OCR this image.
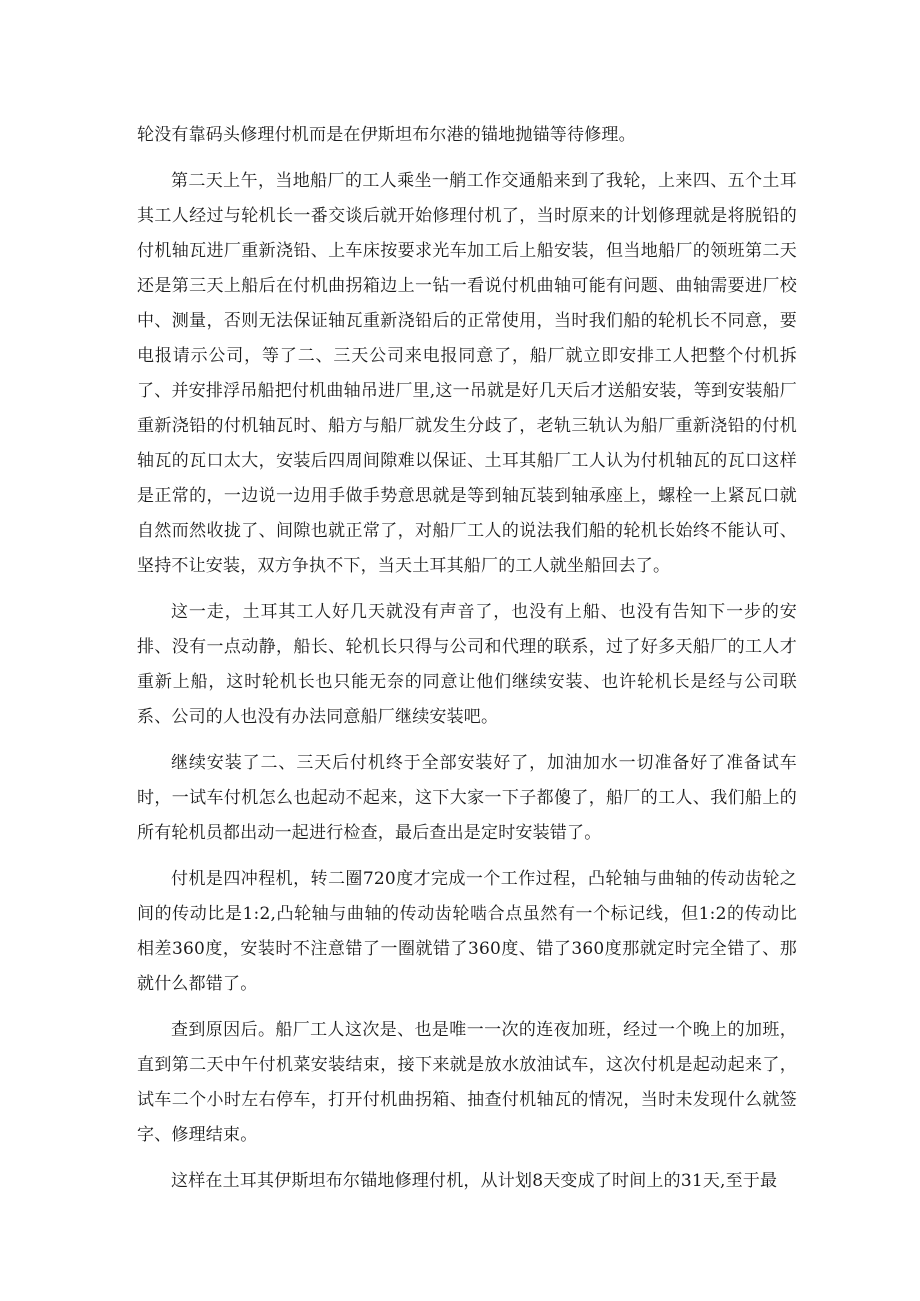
轮没有靠码头修理付机而是在伊斯坦布尔港的锚地抛锚等待修理。

第二天上午，当地船厂的工人乘坐一艄工作交通船来到了我轮，上来四、五个土耳其工人经过与轮机长一番交谈后就开始修理付机了，当时原来的计划修理就是将脱铅的付机轴瓦进厂重新浇铅、上车床按要求光车加工后上船安装，但当地船厂的领班第二天还是第三天上船后在付机曲拐箱边上一钻一看说付机曲轴可能有问题、曲轴需要进厂校中、测量，否则无法保证轴瓦重新浇铅后的正常使用，当时我们船的轮机长不同意，要电报请示公司，等了二、三天公司来电报同意了，船厂就立即安排工人把整个付机拆了、并安排浮吊船把付机曲轴吊进厂里,这一吊就是好几天后才送船安装，等到安装船厂重新浇铅的付机轴瓦时、船方与船厂就发生分歧了，老轨三轨认为船厂重新浇铅的付机轴瓦的瓦口太大，安装后四周间隙难以保证、土耳其船厂工人认为付机轴瓦的瓦口这样是正常的，一边说一边用手做手势意思就是等到轴瓦装到轴承座上，螺栓一上紧瓦口就自然而然收拢了、间隙也就正常了，对船厂工人的说法我们船的轮机长始终不能认可、坚持不让安装，双方争执不下，当天土耳其船厂的工人就坐船回去了。

这一走，土耳其工人好几天就没有声音了，也没有上船、也没有告知下一步的安排、没有一点动静，船长、轮机长只得与公司和代理的联系，过了好多天船厂的工人才重新上船，这时轮机长也只能无奈的同意让他们继续安装、也许轮机长是经与公司联系、公司的人也没有办法同意船厂继续安装吧。

继续安装了二、三天后付机终于全部安装好了，加油加水一切准备好了准备试车时，一试车付机怎么也起动不起来，这下大家一下子都傻了，船厂的工人、我们船上的所有轮机员都出动一起进行检查，最后查出是定时安装错了。

付机是四冲程机，转二圈720度才完成一个工作过程，凸轮轴与曲轴的传动齿轮之间的传动比是1:2,凸轮轴与曲轴的传动齿轮啮合点虽然有一个标记线，但1:2的传动比相差360度，安装时不注意错了一圈就错了360度、错了360度那就定时完全错了、那就什么都错了。

查到原因后。船厂工人这次是、也是唯一一次的连夜加班，经过一个晚上的加班，直到第二天中午付机菜安装结束，接下来就是放水放油试车，这次付机是起动起来了，试车二个小时左右停车，打开付机曲拐箱、抽查付机轴瓦的情况，当时未发现什么就签字、修理结束。

这样在土耳其伊斯坦布尔锚地修理付机，从计划8天变成了时间上的31天,至于最
